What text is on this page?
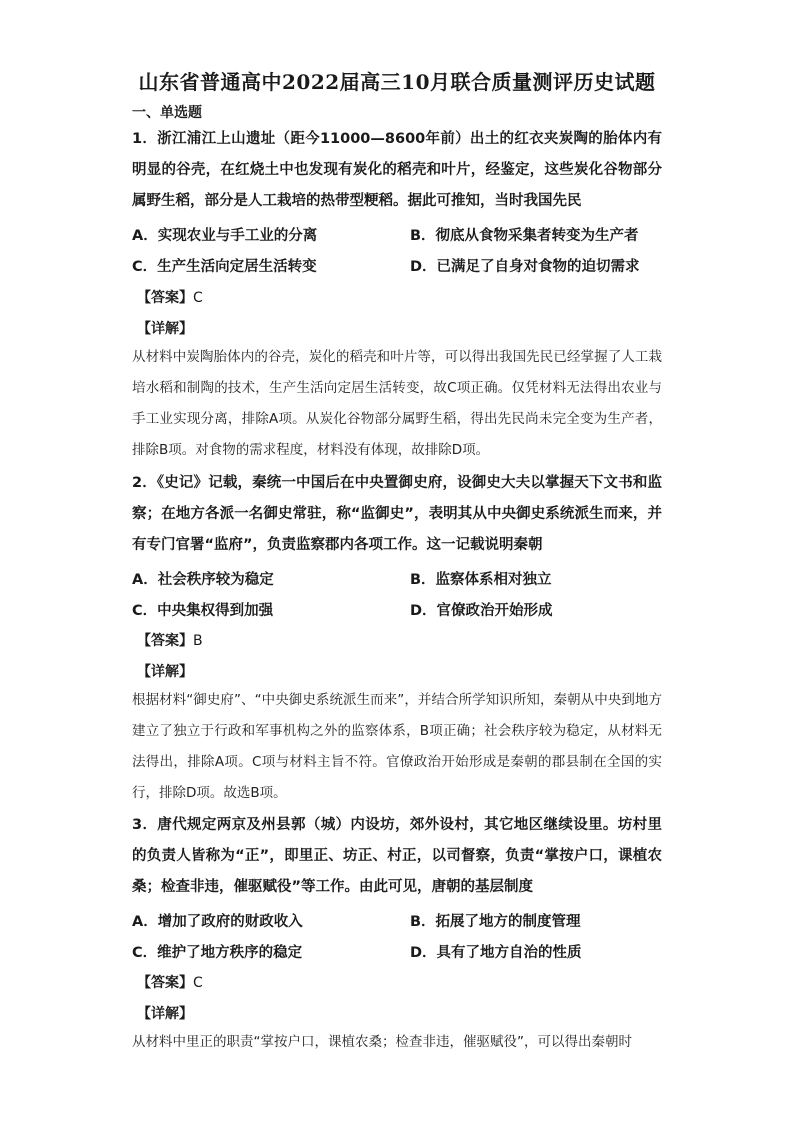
山东省普通高中2022届高三10月联合质量测评历史试题
一、单选题
1．浙江浦江上山遗址（距今11000—8600年前）出土的红衣夹炭陶的胎体内有明显的谷壳，在红烧土中也发现有炭化的稻壳和叶片，经鉴定，这些炭化谷物部分属野生稻，部分是人工栽培的热带型粳稻。据此可推知，当时我国先民
A．实现农业与手工业的分离	B．彻底从食物采集者转变为生产者
C．生产生活向定居生活转变	D．已满足了自身对食物的迫切需求
【答案】C
【详解】
从材料中炭陶胎体内的谷壳，炭化的稻壳和叶片等，可以得出我国先民已经掌握了人工栽培水稻和制陶的技术，生产生活向定居生活转变，故C项正确。仅凭材料无法得出农业与手工业实现分离，排除A项。从炭化谷物部分属野生稻，得出先民尚未完全变为生产者，排除B项。对食物的需求程度，材料没有体现，故排除D项。
2．《史记》记载，秦统一中国后在中央置御史府，设御史大夫以掌握天下文书和监察；在地方各派一名御史常驻，称“监御史”，表明其从中央御史系统派生而来，并有专门官署“监府”，负责监察郡内各项工作。这一记载说明秦朝
A．社会秩序较为稳定	B．监察体系相对独立
C．中央集权得到加强	D．官僚政治开始形成
【答案】B
【详解】
根据材料“御史府”、“中央御史系统派生而来”，并结合所学知识所知，秦朝从中央到地方建立了独立于行政和军事机构之外的监察体系，B项正确；社会秩序较为稳定，从材料无法得出，排除A项。C项与材料主旨不符。官僚政治开始形成是秦朝的郡县制在全国的实行，排除D项。故选B项。
3．唐代规定两京及州县郭（城）内设坊，郊外设村，其它地区继续设里。坊村里的负责人皆称为“正”，即里正、坊正、村正，以司督察，负责“掌按户口，课植农桑；检查非违，催驱赋役”等工作。由此可见，唐朝的基层制度
A．增加了政府的财政收入	B．拓展了地方的制度管理
C．维护了地方秩序的稳定	D．具有了地方自治的性质
【答案】C
【详解】
从材料中里正的职责“掌按户口，课植农桑；检查非违，催驱赋役”，可以得出秦朝时
